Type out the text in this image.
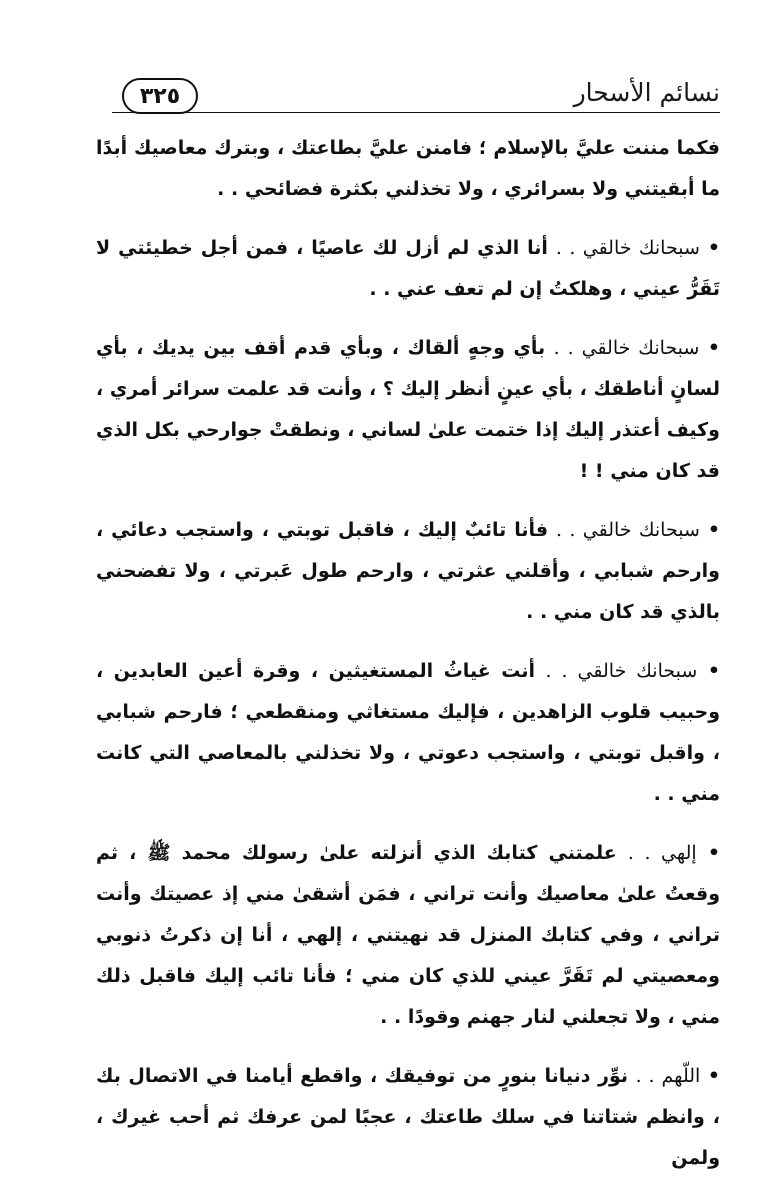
نسائم الأسحار
٣٢٥

فكما مننت عليَّ بالإسلام ؛ فامنن عليَّ بطاعتك ، وبترك معاصيك أبدًا ما أبقيتني ولا بسرائري ، ولا تخذلني بكثرة فضائحي . .

• سبحانك خالقي . . أنا الذي لم أزل لك عاصيًا ، فمن أجل خطيئتي لا تَقَرُّ عيني ، وهلكتُ إن لم تعف عني . .

• سبحانك خالقي . . بأي وجهٍ ألقاك ، وبأي قدم أقف بين يديك ، بأي لسانٍ أناطقك ، بأي عينٍ أنظر إليك ؟ ، وأنت قد علمت سرائر أمري ، وكيف أعتذر إليك إذا ختمت علىٰ لساني ، ونطقتْ جوارحي بكل الذي قد كان مني ! !

• سبحانك خالقي . . فأنا تائبٌ إليك ، فاقبل توبتي ، واستجب دعائي ، وارحم شبابي ، وأقلني عثرتي ، وارحم طول عَبرتي ، ولا تفضحني بالذي قد كان مني . .

• سبحانك خالقي . . أنت غياثُ المستغيثين ، وقرة أعين العابدين ، وحبيب قلوب الزاهدين ، فإليك مستغاثي ومنقطعي ؛ فارحم شبابي ، واقبل توبتي ، واستجب دعوتي ، ولا تخذلني بالمعاصي التي كانت مني . .

• إلهي . . علمتني كتابك الذي أنزلته علىٰ رسولك محمد ﷺ ، ثم وقعتُ علىٰ معاصيك وأنت تراني ، فمَن أشقىٰ مني إذ عصيتك وأنت تراني ، وفي كتابك المنزل قد نهيتني ، إلهي ، أنا إن ذكرتُ ذنوبي ومعصيتي لم تَقَرَّ عيني للذي كان مني ؛ فأنا تائب إليك فاقبل ذلك مني ، ولا تجعلني لنار جهنم وقودًا . .

• اللّهم . . نوِّر دنيانا بنورٍ من توفيقك ، واقطع أيامنا في الاتصال بك ، وانظم شتاتنا في سلك طاعتك ، عجبًا لمن عرفك ثم أحب غيرك ، ولمن
